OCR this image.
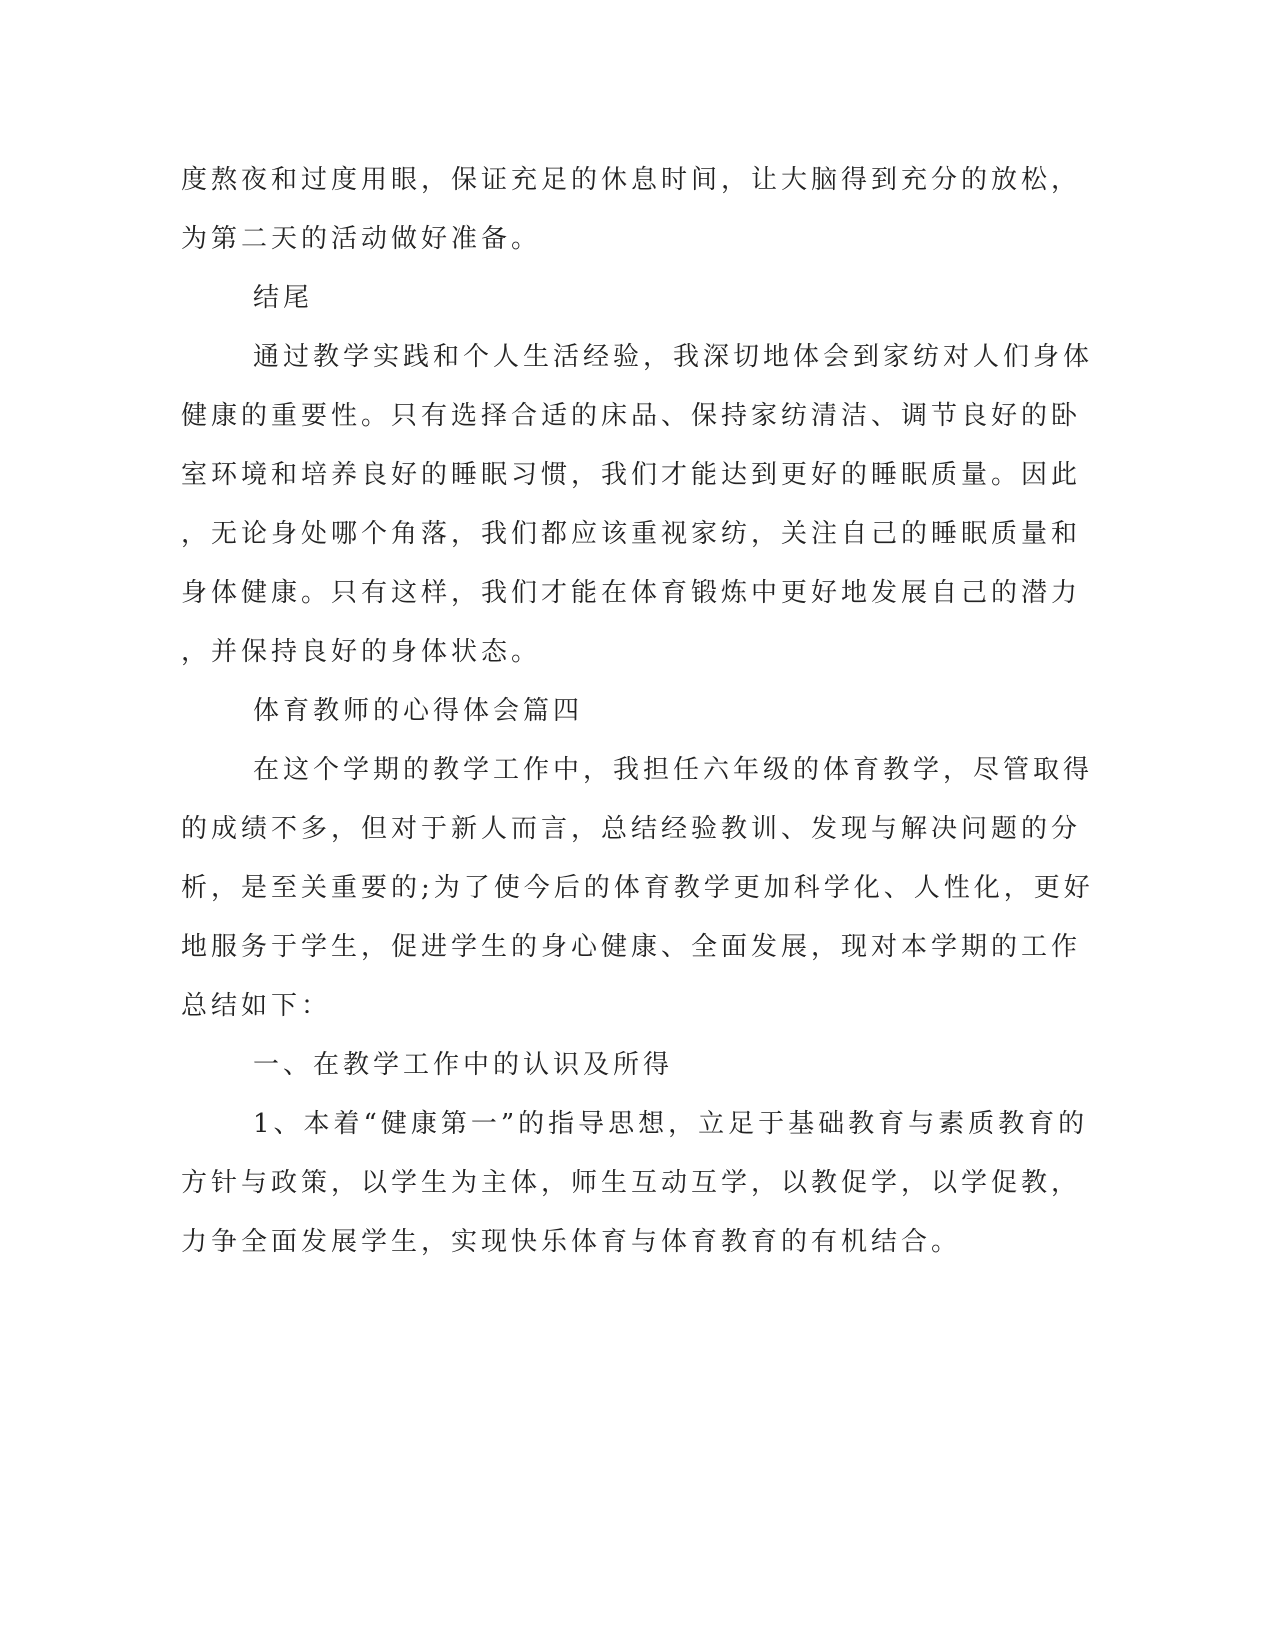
度熬夜和过度用眼，保证充足的休息时间，让大脑得到充分的放松，
为第二天的活动做好准备。
结尾
通过教学实践和个人生活经验，我深切地体会到家纺对人们身体
健康的重要性。只有选择合适的床品、保持家纺清洁、调节良好的卧
室环境和培养良好的睡眠习惯，我们才能达到更好的睡眠质量。因此
，无论身处哪个角落，我们都应该重视家纺，关注自己的睡眠质量和
身体健康。只有这样，我们才能在体育锻炼中更好地发展自己的潜力
，并保持良好的身体状态。
体育教师的心得体会篇四
在这个学期的教学工作中，我担任六年级的体育教学，尽管取得
的成绩不多，但对于新人而言，总结经验教训、发现与解决问题的分
析，是至关重要的;为了使今后的体育教学更加科学化、人性化，更好
地服务于学生，促进学生的身心健康、全面发展，现对本学期的工作
总结如下：
一、在教学工作中的认识及所得
1、本着“健康第一”的指导思想，立足于基础教育与素质教育的
方针与政策，以学生为主体，师生互动互学，以教促学，以学促教，
力争全面发展学生，实现快乐体育与体育教育的有机结合。
